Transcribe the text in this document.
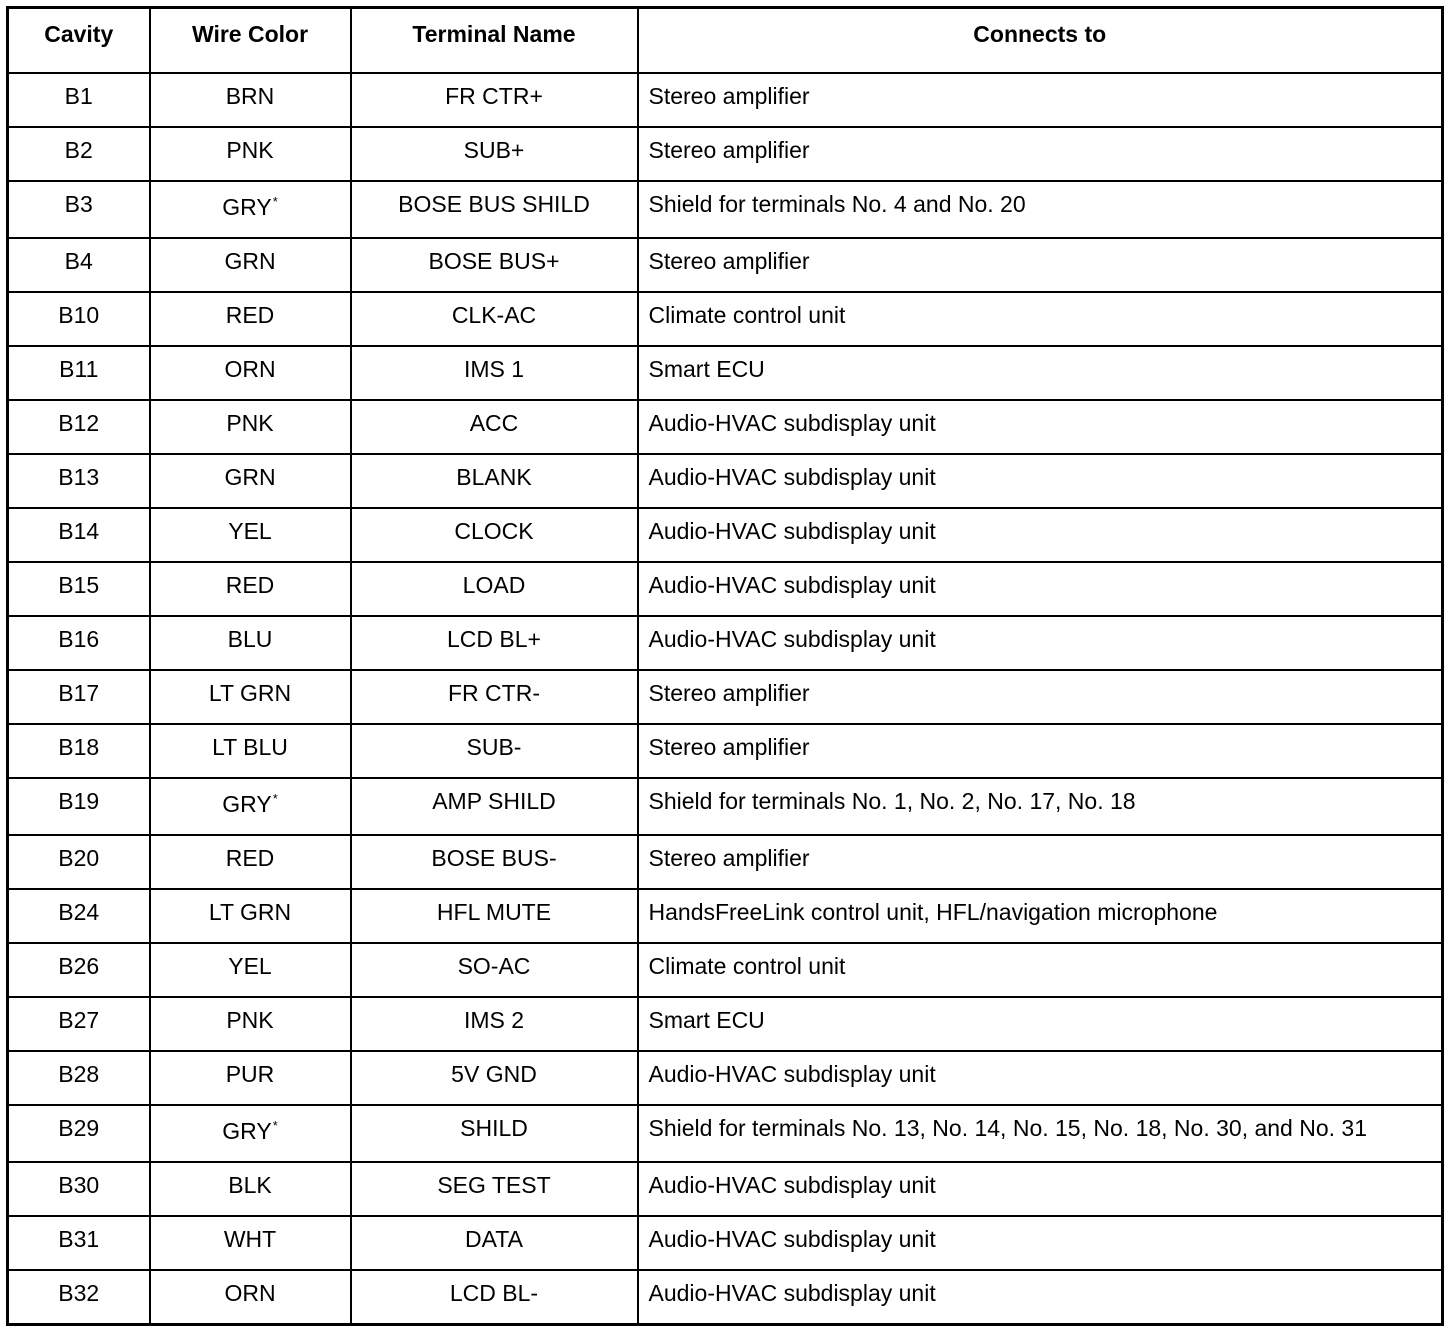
Cavity	Wire Color	Terminal Name	Connects to
B1	BRN	FR CTR+	Stereo amplifier
B2	PNK	SUB+	Stereo amplifier
B3	GRY*	BOSE BUS SHILD	Shield for terminals No. 4 and No. 20
B4	GRN	BOSE BUS+	Stereo amplifier
B10	RED	CLK-AC	Climate control unit
B11	ORN	IMS 1	Smart ECU
B12	PNK	ACC	Audio-HVAC subdisplay unit
B13	GRN	BLANK	Audio-HVAC subdisplay unit
B14	YEL	CLOCK	Audio-HVAC subdisplay unit
B15	RED	LOAD	Audio-HVAC subdisplay unit
B16	BLU	LCD BL+	Audio-HVAC subdisplay unit
B17	LT GRN	FR CTR-	Stereo amplifier
B18	LT BLU	SUB-	Stereo amplifier
B19	GRY*	AMP SHILD	Shield for terminals No. 1, No. 2, No. 17, No. 18
B20	RED	BOSE BUS-	Stereo amplifier
B24	LT GRN	HFL MUTE	HandsFreeLink control unit, HFL/navigation microphone
B26	YEL	SO-AC	Climate control unit
B27	PNK	IMS 2	Smart ECU
B28	PUR	5V GND	Audio-HVAC subdisplay unit
B29	GRY*	SHILD	Shield for terminals No. 13, No. 14, No. 15, No. 18, No. 30, and No. 31
B30	BLK	SEG TEST	Audio-HVAC subdisplay unit
B31	WHT	DATA	Audio-HVAC subdisplay unit
B32	ORN	LCD BL-	Audio-HVAC subdisplay unit
